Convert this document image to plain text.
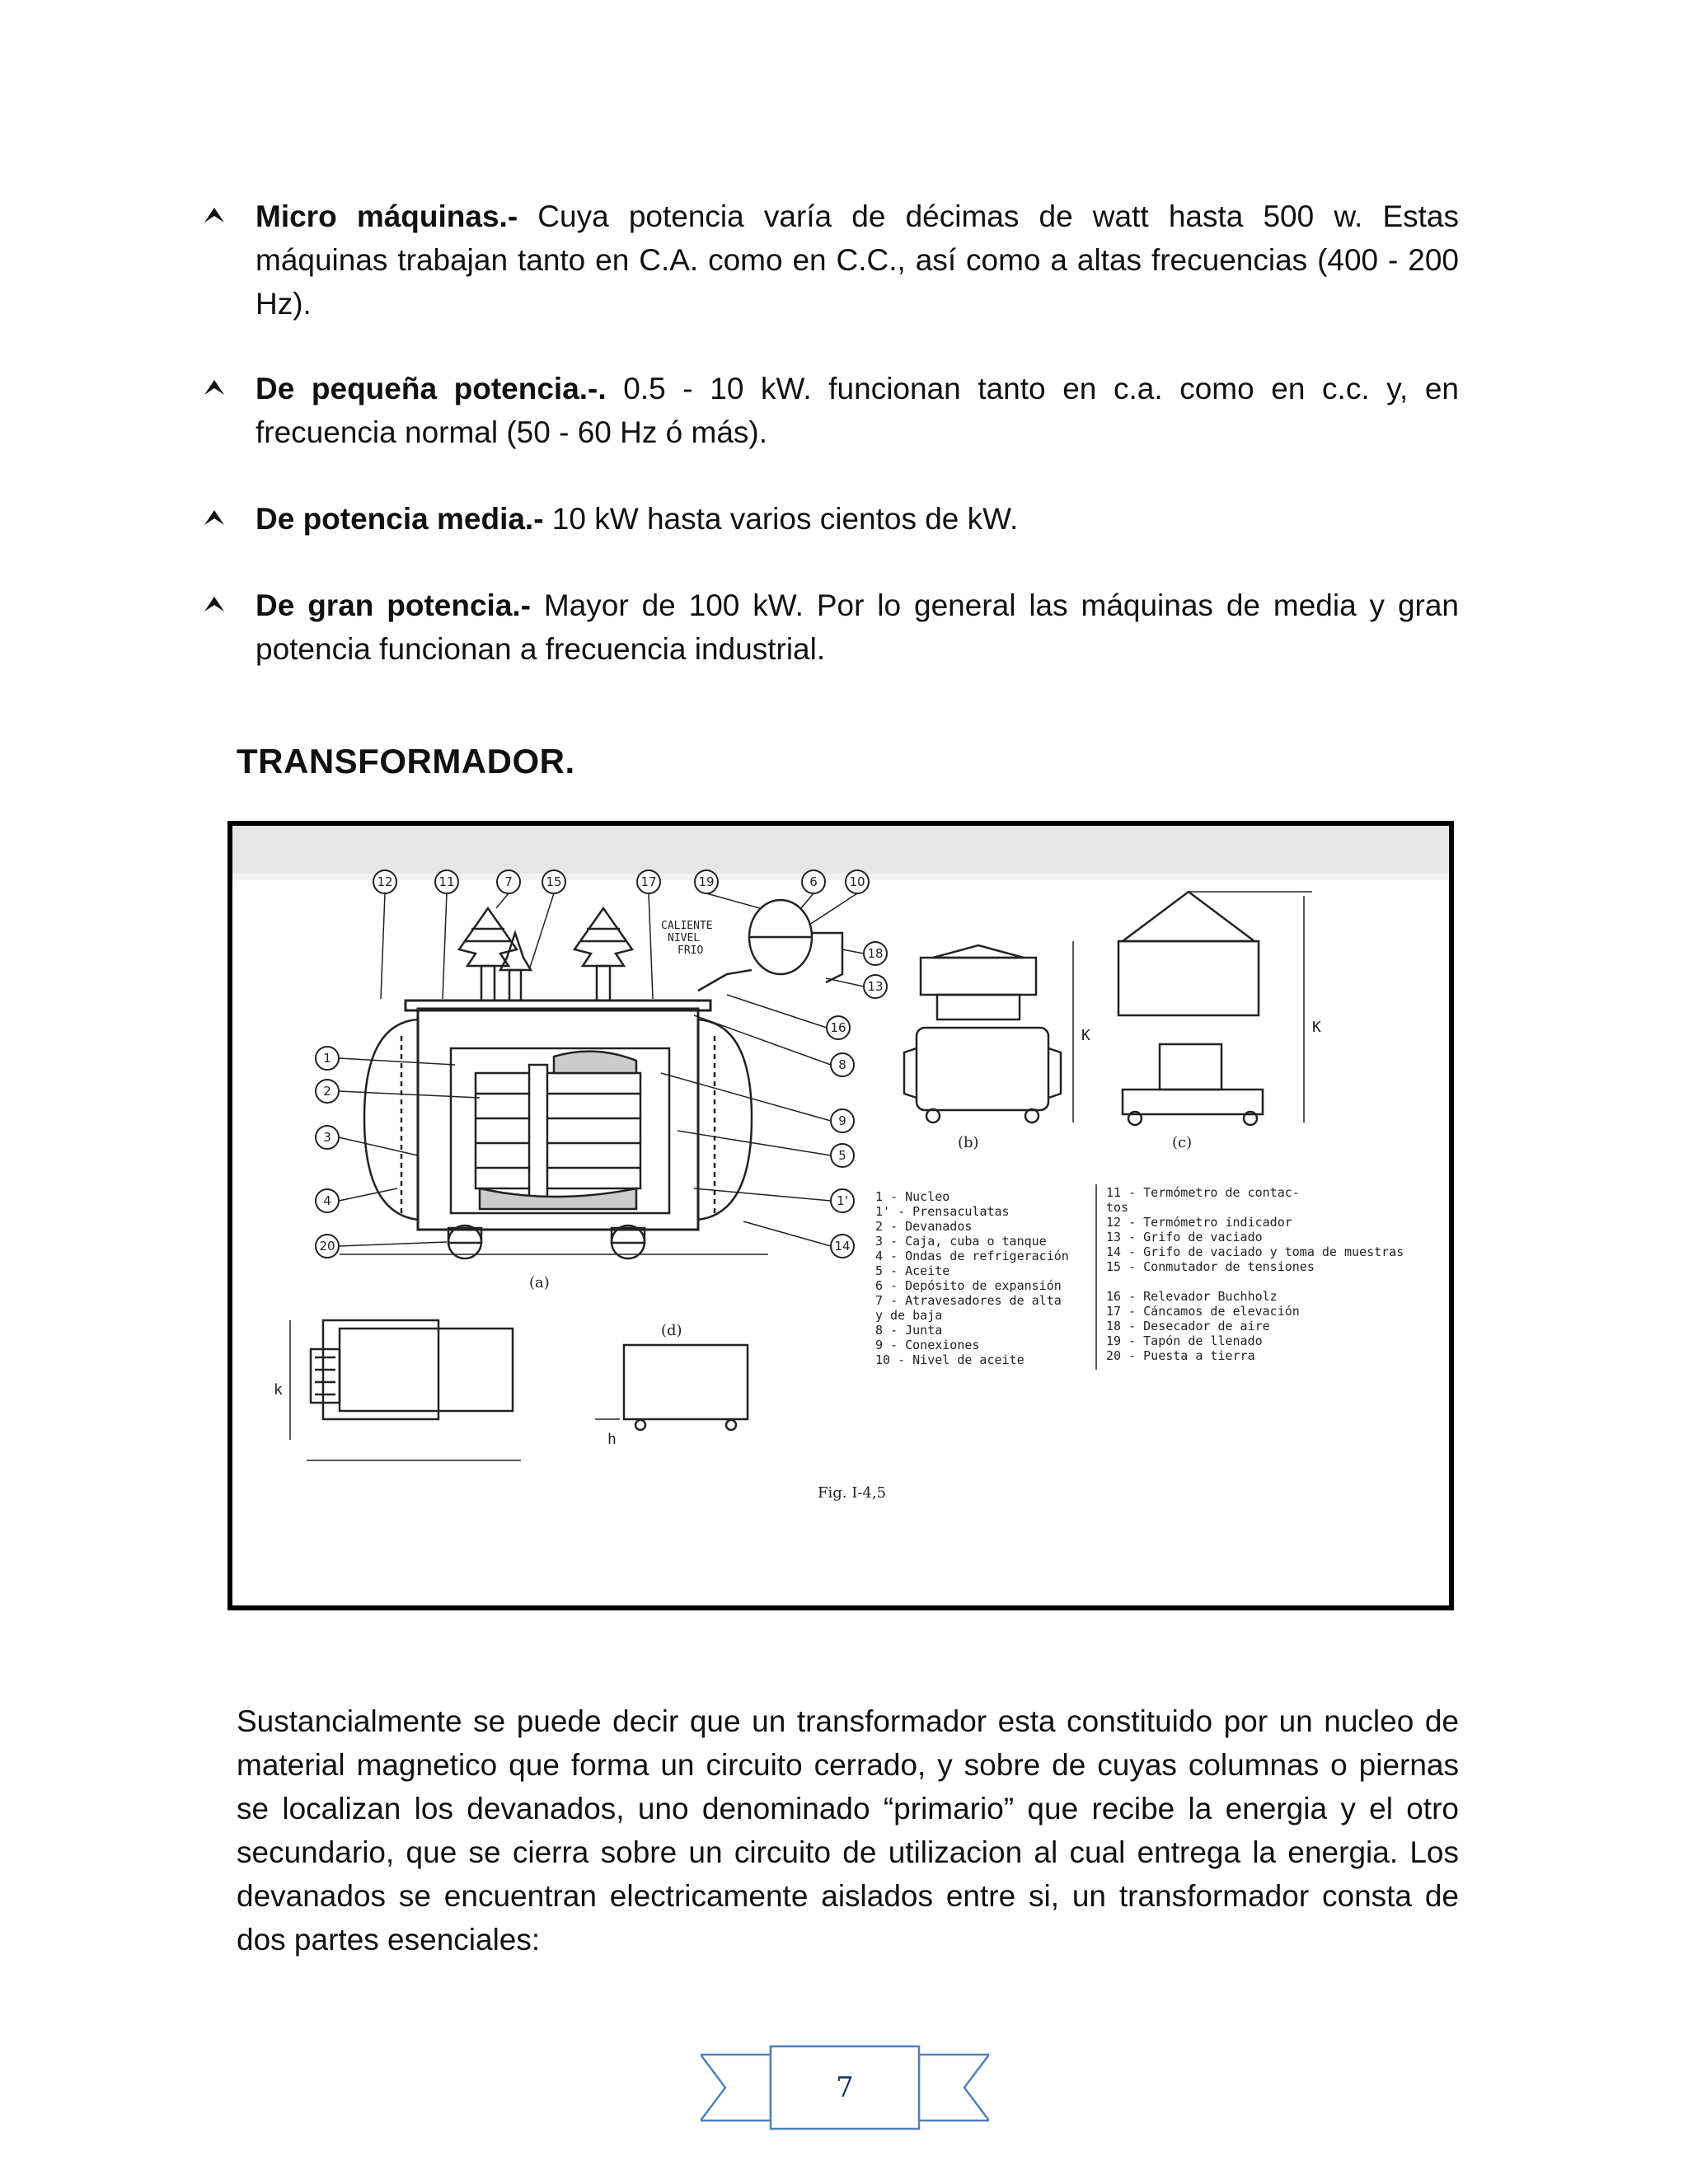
Micro máquinas.- Cuya potencia varía de décimas de watt hasta 500 w. Estas máquinas trabajan tanto en C.A. como en C.C., así como a altas frecuencias (400 - 200 Hz).

De pequeña potencia.-. 0.5 - 10 kW. funcionan tanto en c.a. como en c.c. y, en frecuencia normal (50 - 60 Hz ó más).

De potencia media.- 10 kW hasta varios cientos de kW.

De gran potencia.- Mayor de 100 kW. Por lo general las máquinas de media y gran potencia funcionan a frecuencia industrial.

TRANSFORMADOR.
12	11	7	15	17	19	6	10
18
13
16
8
9
5
1'
14
1
2
3
4
20
CALIENTE
NIVEL
FRIO
(a)
K
(b)
K
(c)
k
(d)
h
1 - Nucleo
1' - Prensaculatas
2 - Devanados
3 - Caja, cuba o tanque
4 - Ondas de refrigeración
5 - Aceite
6 - Depósito de expansión
7 - Atravesadores de alta
y de baja
8 - Junta
9 - Conexiones
10 - Nivel de aceite
11 - Termómetro de contac-
tos
12 - Termómetro indicador
13 - Grifo de vaciado
14 - Grifo de vaciado y toma de muestras
15 - Conmutador de tensiones
16 - Relevador Buchholz
17 - Cáncamos de elevación
18 - Desecador de aire
19 - Tapón de llenado
20 - Puesta a tierra
Fig. I-4,5

Sustancialmente se puede decir que un transformador esta constituido por un nucleo de material magnetico que forma un circuito cerrado, y sobre de cuyas columnas o piernas se localizan los devanados, uno denominado “primario” que recibe la energia y el otro secundario, que se cierra sobre un circuito de utilizacion al cual entrega la energia. Los devanados se encuentran electricamente aislados entre si, un transformador consta de dos partes esenciales:

7
